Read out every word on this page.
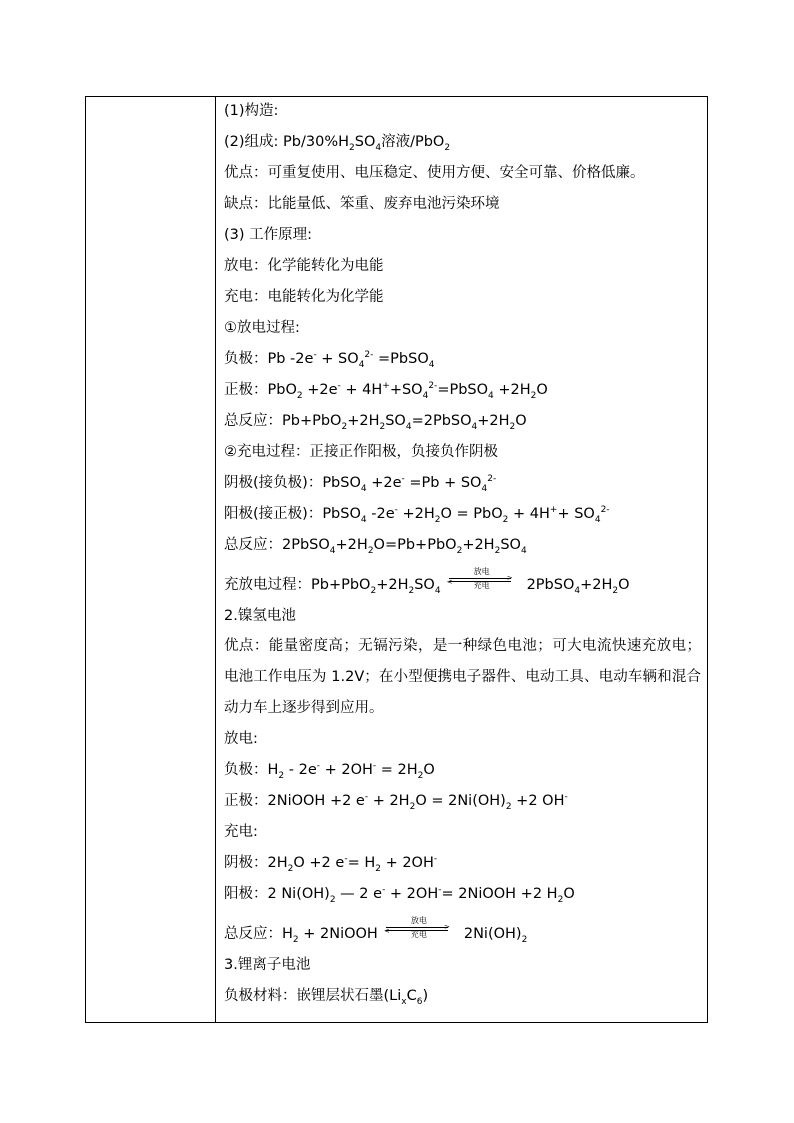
(1)构造:
(2)组成: $Pb/30\%H_2SO_4$溶液/PbO$_2$
优点：可重复使用、电压稳定、使用方便、安全可靠、价格低廉。
缺点：比能量低、笨重、废弃电池污染环境
(3) 工作原理:
放电：化学能转化为电能
充电：电能转化为化学能
①放电过程:
负极：Pb $-2e^- + SO_4^{2-}$ =PbSO$_4$
正极：$PbO_2 +2e^- + 4H^++SO_4^{2-}=PbSO_4 +2H_2O$
总反应：$Pb+PbO_2+2H_2SO_4=2PbSO_4+2H_2O$
②充电过程：正接正作阳极，负接负作阴极
阴极(接负极)：PbSO$_4$ $+2e^- =Pb + SO_4^{2-}$
阳极(接正极)：PbSO$_4$ $-2e^- +2H_2O = PbO_2 + 4H^++ SO_4^{2-}$
总反应：$2PbSO_4+2H_2O=Pb+PbO_2+2H_2SO_4$
充放电过程：$Pb+PbO_2+2H_2SO_4$
放电
>
<	充电	$2PbSO_4+2H_2O$
2.镍氢电池
优点：能量密度高；无镉污染，是一种绿色电池；可大电流快速充放电；电池工作电压为 1.2V；在小型便携电子器件、电动工具、电动车辆和混合动力车上逐步得到应用。
放电:
负极：$H_2 - 2e^- + 2OH^- = 2H_2O$
正极：2NiOOH +2 $e^- + 2H_2O = 2Ni(OH)_2 +2$ OH-
充电:
阴极：$2H_2O +2$ $e^-= H_2 + 2OH^-$
阳极：2 $Ni(OH)_2$ — 2 e- + 2OH-= 2NiOOH +2 $H_2O$
总反应：$H_2$ + 2NiOOH
放电
>
<	充电	$2Ni(OH)_2$
3.锂离子电池
负极材料：嵌锂层状石墨$(Li_xC_6)$
